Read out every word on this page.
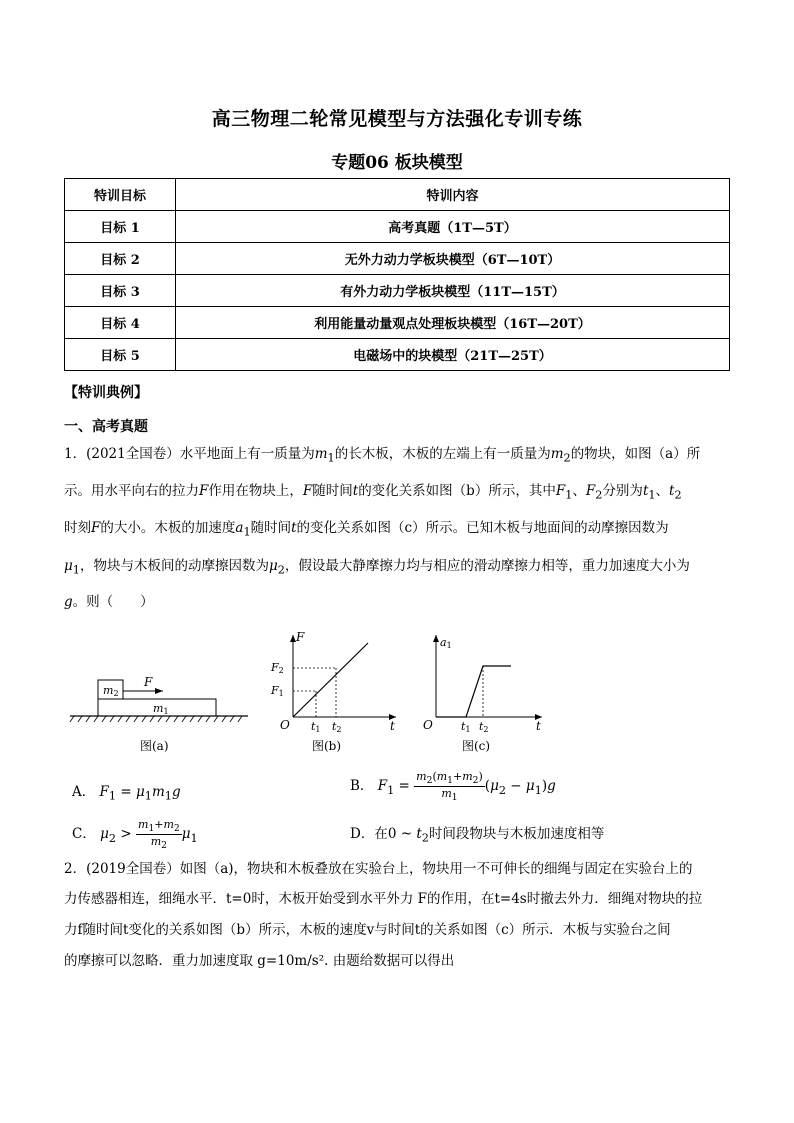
高三物理二轮常见模型与方法强化专训专练
专题06 板块模型
特训目标	特训内容
目标 1	高考真题（1T—5T）
目标 2	无外力动力学板块模型（6T—10T）
目标 3	有外力动力学板块模型（11T—15T）
目标 4	利用能量动量观点处理板块模型（16T—20T）
目标 5	电磁场中的块模型（21T—25T）
【特训典例】
一、高考真题
1．(2021全国卷）水平地面上有一质量为$m_1$的长木板，木板的左端上有一质量为$m_2$的物块，如图（a）所
示。用水平向右的拉力F作用在物块上，F随时间t的变化关系如图（b）所示，其中$F_1$、$F_2$分别为$t_1$、$t_2$
时刻F的大小。木板的加速度$a_1$随时间t的变化关系如图（c）所示。已知木板与地面间的动摩擦因数为
$\mu_1$，物块与木板间的动摩擦因数为$\mu_2$，假设最大静摩擦力均与相应的滑动摩擦力相等，重力加速度大小为
g。则（　　）
m2
m1
F
图(a)
F
F2
F1
O t1 t2	t
图(b)
a1
O	t1 t2	t
图(c)
A． $F_1 = \mu_1m_1g$	B． $F_1 = \frac{m_2(m_1+m_2)}{m_1} (\mu_2 - \mu_1)g$
C． $\mu_2 > \frac{m_1+m_2}{m_2} \mu_1$	D．在0 ~ $t_2$时间段物块与木板加速度相等
2．(2019全国卷）如图（a)，物块和木板叠放在实验台上，物块用一不可伸长的细绳与固定在实验台上的
力传感器相连，细绳水平．t=0时，木板开始受到水平外力 F的作用，在t=4s时撤去外力．细绳对物块的拉
力f随时间t变化的关系如图（b）所示，木板的速度v与时间t的关系如图（c）所示．木板与实验台之间
的摩擦可以忽略．重力加速度取 g=10m/s². 由题给数据可以得出
